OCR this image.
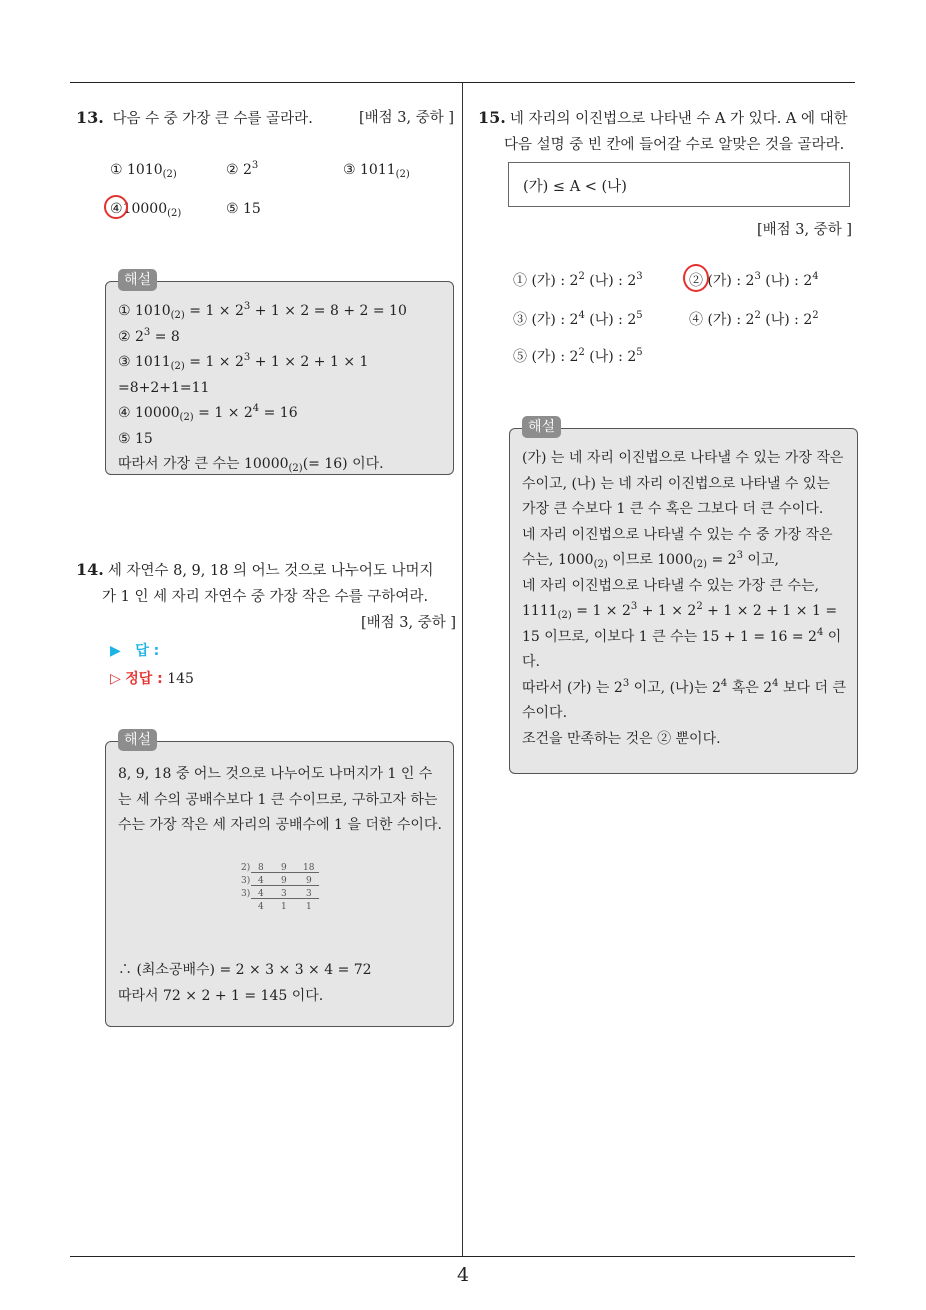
13. 다음 수 중 가장 큰 수를 골라라.	[배점 3, 중하 ]
① $1010_{(2)}$	② $2^3$	③ $1011_{(2)}$
$④10000_{(2)}$	⑤ 15
해설
① $1010_{(2)} = 1 \times 2^3 + 1 \times 2 = 8 + 2 = 10$
② $2^3 = 8$
③ $1011_{(2)} = 1 \times 2^3 + 1 \times 2 + 1 \times 1 =8+2+1=11$
④ $10000_{(2)} = 1 \times 2^4 = 16$
⑤ 15
따라서 가장 큰 수는 $10000_{(2)}(= 16)$ 이다.
14. 세 자연수 8, 9, 18 의 어느 것으로 나누어도 나머지
가 1 인 세 자리 자연수 중 가장 작은 수를 구하여라.
[배점 3, 중하 ]
▶ 답 :
▷ 정답 : 145
해설
8, 9, 18 중 어느 것으로 나누어도 나머지가 1 인 수는 세 수의 공배수보다 1 큰 수이므로, 구하고자 하는 수는 가장 작은 세 자리의 공배수에 1 을 더한 수이다.
2) 8 9 18
3) 4 9 9
3) 4 3 3
4 1 1
∴ (최소공배수) = 2 × 3 × 3 × 4 = 72
따라서 72 × 2 + 1 = 145 이다.
15. 네 자리의 이진법으로 나타낸 수 A 가 있다. A 에 대한
다음 설명 중 빈 칸에 들어갈 수로 알맞은 것을 골라라.
(가) ≤ A < (나)
[배점 3, 중하 ]
① (가) : $2^2$ (나) : $2^3$	② (가) : $2^3$ (나) : $2^4$
③ (가) : $2^4$ (나) : $2^5$	④ (가) : $2^2$ (나) : $2^2$
⑤ (가) : $2^2$ (나) : $2^5$
해설
(가) 는 네 자리 이진법으로 나타낼 수 있는 가장 작은 수이고, (나) 는 네 자리 이진법으로 나타낼 수 있는 가장 큰 수보다 1 큰 수 혹은 그보다 더 큰 수이다.
네 자리 이진법으로 나타낼 수 있는 수 중 가장 작은 수는, $1000_{(2)}$ 이므로 $1000_{(2)} = 2^3$ 이고,
네 자리 이진법으로 나타낼 수 있는 가장 큰 수는, $1111_{(2)} = 1 \times 2^3 + 1 \times 2^2 + 1 \times 2 + 1 \times 1 = 15$ 이므로, 이보다 1 큰 수는 $15 + 1 = 16 = 2^4$ 이다.
따라서 (가) 는 $2^3$ 이고, (나)는 $2^4$ 혹은 $2^4$ 보다 더 큰 수이다.
조건을 만족하는 것은 ② 뿐이다.
4
